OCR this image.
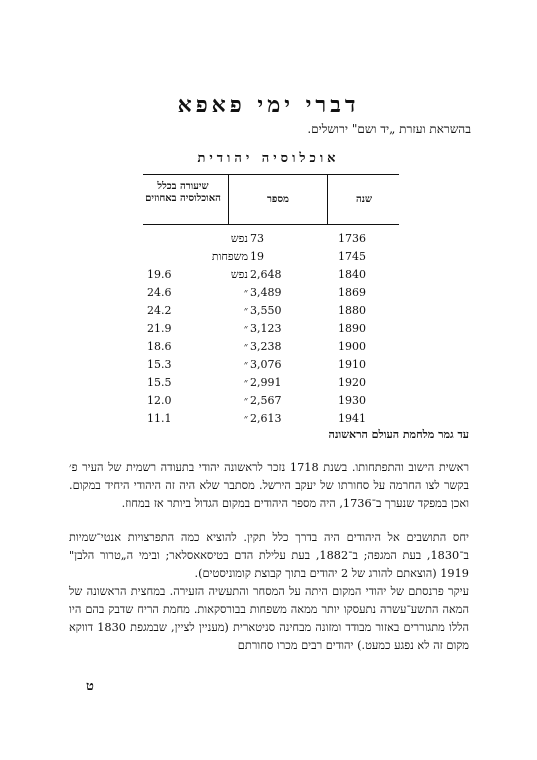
דברי ימי פאפא
בהשראת ועזרת „יד ושם" ירושלים.
אוכלוסיה יהודית
שנה
מספר
שיעורה בכלל האוכלוסיה באחוזים
1736
73
נפש
1745
19
משפחות
1840
2,648
נפש
19.6
1869
3,489
״
24.6
1880
3,550
״
24.2
1890
3,123
״
21.9
1900
3,238
״
18.6
1910
3,076
״
15.3
1920
2,991
״
15.5
1930
2,567
״
12.0
1941
2,613
״
11.1
עד גמר מלחמת העולם הראשונה

ראשית הישוב והתפתחותו. בשנת 1718 נזכר לראשונה יהודי בתעודה רשמית של העיר פ׳ בקשר לצו החרמה על סחורתו של יעקב הירשל. מסתבר שלא היה זה היהודי היחיד במקום. ואכן במפקד שנערך ב־1736, היה מספר היהודים במקום הגדול ביותר אז במחוז.

יחס התושבים אל היהודים היה בדרך כלל תקין. להוציא כמה התפרצויות אנטי־שמיות ב־1830, בעת המגפה; ב־1882, בעת עלילת הדם בטיסאאסלאר; ובימי ה„טרור הלבן" 1919 (הוצאתם להורג של 2 יהודים בתוך קבוצת קומוניסטים).

עיקר פרנסתם של יהודי המקום היתה על המסחר והתעשיה הזעירה. במחצית הראשונה של המאה התשע־עשרה נתעסקו יותר ממאה משפחות בבורסקאות. מחמת הריח שדבק בהם היו הללו מתגוררים באזור מבודד ומזונה מבחינה סניטארית (מעניין לציין, שבמגפת 1830 דווקא מקום זה לא נפגע כמעט.) יהודים רבים מכרו סחורתם

ט
